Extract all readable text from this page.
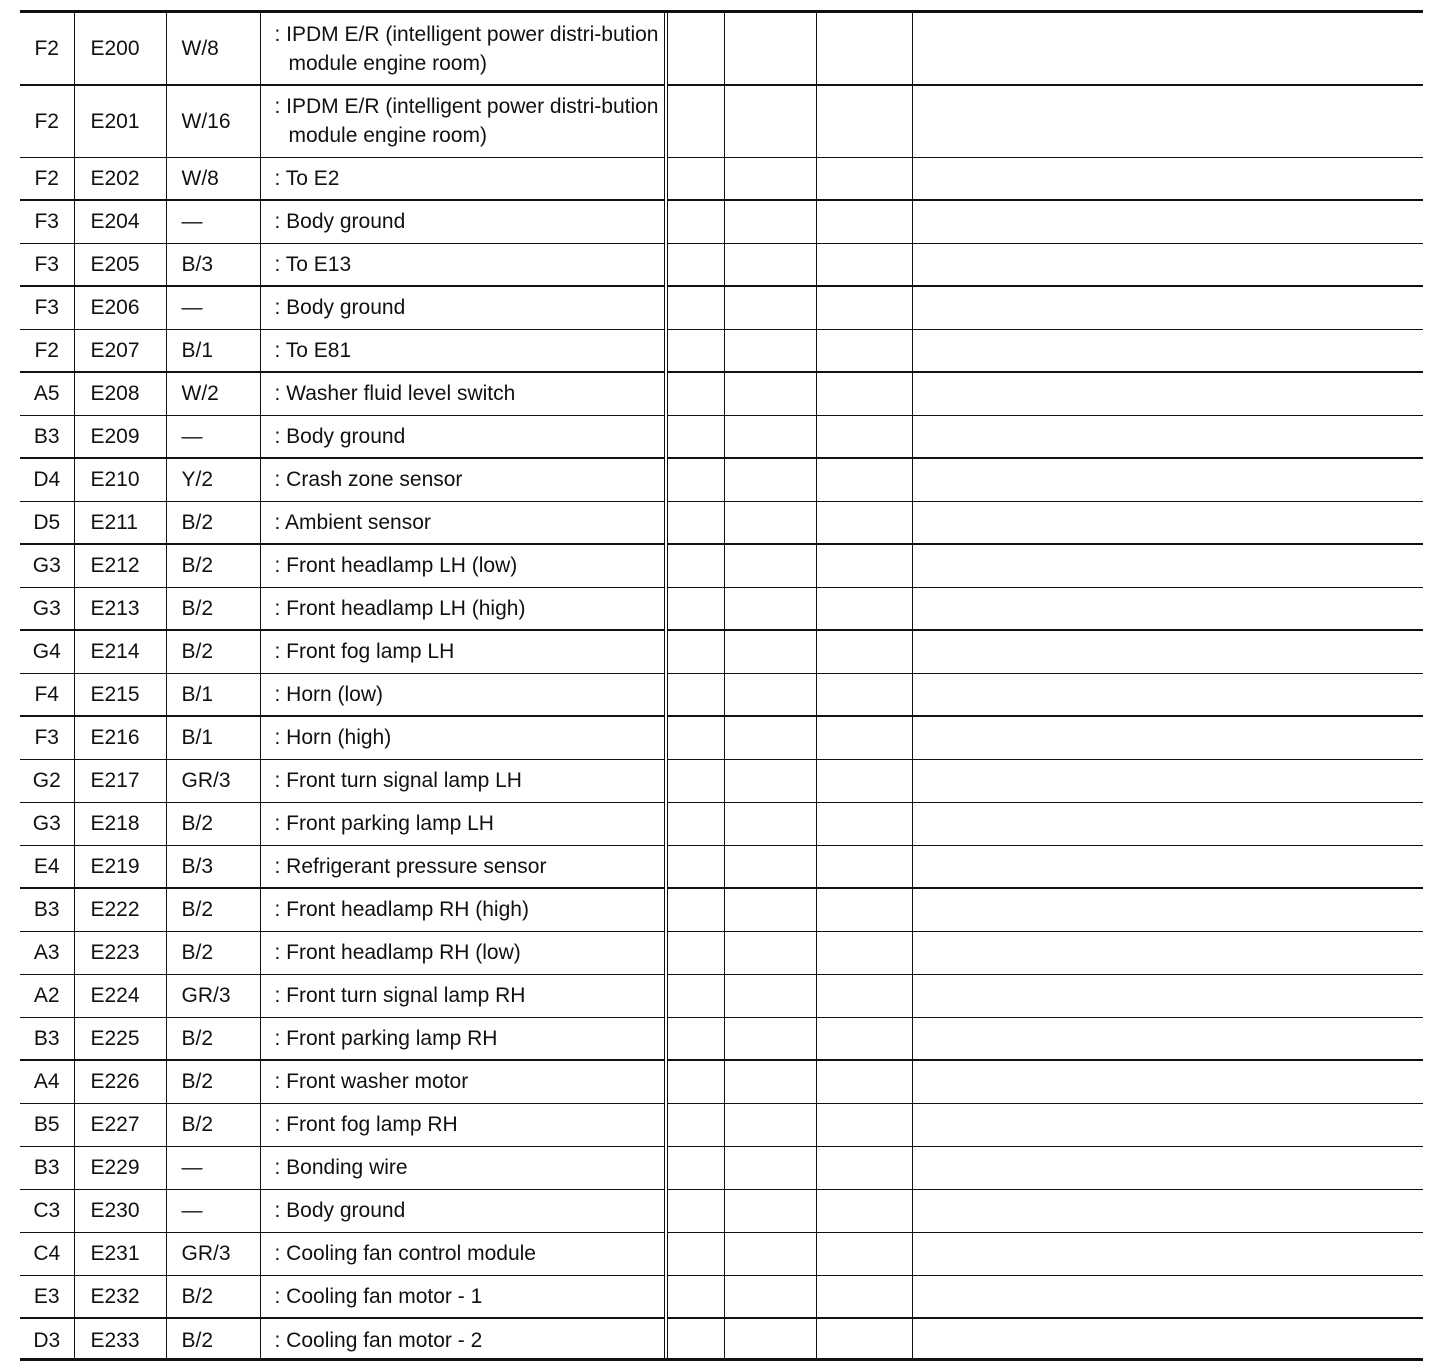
F2	E200	W/8	: IPDM E/R (intelligent power distri-bution module engine room)				

F2	E201	W/16	: IPDM E/R (intelligent power distri-bution module engine room)				

F2	E202	W/8	: To E2				

F3	E204	—	: Body ground				

F3	E205	B/3	: To E13				

F3	E206	—	: Body ground				

F2	E207	B/1	: To E81				

A5	E208	W/2	: Washer fluid level switch				

B3	E209	—	: Body ground				

D4	E210	Y/2	: Crash zone sensor				

D5	E211	B/2	: Ambient sensor				

G3	E212	B/2	: Front headlamp LH (low)				

G3	E213	B/2	: Front headlamp LH (high)				

G4	E214	B/2	: Front fog lamp LH				

F4	E215	B/1	: Horn (low)				

F3	E216	B/1	: Horn (high)				

G2	E217	GR/3	: Front turn signal lamp LH				

G3	E218	B/2	: Front parking lamp LH				

E4	E219	B/3	: Refrigerant pressure sensor				

B3	E222	B/2	: Front headlamp RH (high)				

A3	E223	B/2	: Front headlamp RH (low)				

A2	E224	GR/3	: Front turn signal lamp RH				

B3	E225	B/2	: Front parking lamp RH				

A4	E226	B/2	: Front washer motor				

B5	E227	B/2	: Front fog lamp RH				

B3	E229	—	: Bonding wire				

C3	E230	—	: Body ground				

C4	E231	GR/3	: Cooling fan control module				

E3	E232	B/2	: Cooling fan motor - 1				

D3	E233	B/2	: Cooling fan motor - 2				
